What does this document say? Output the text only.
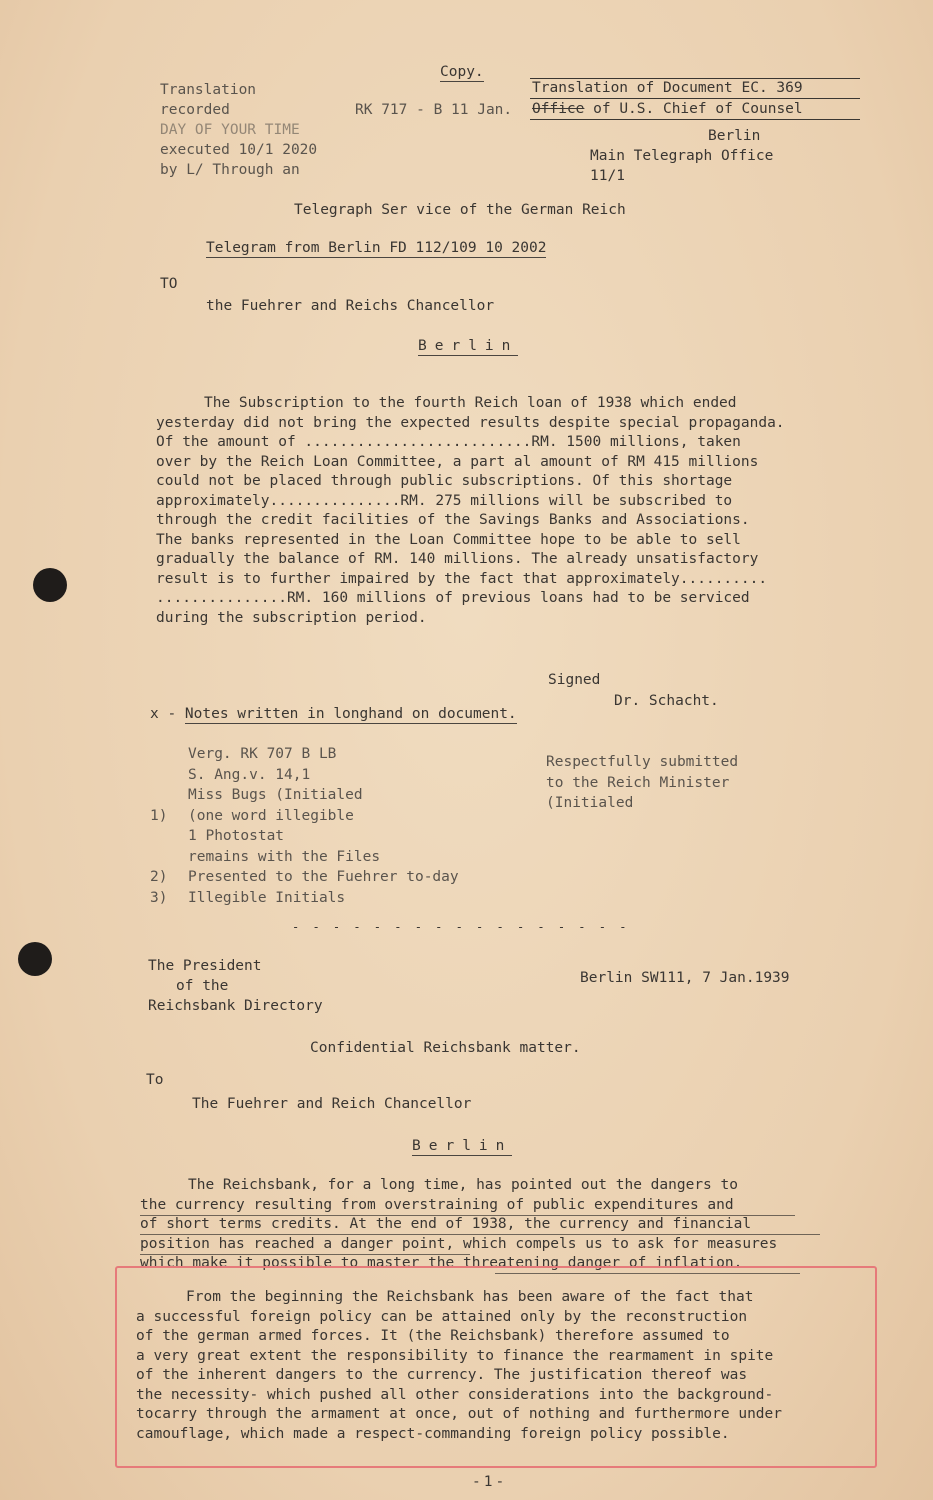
Copy.
Translation
recorded
DAY OF YOUR TIME
executed 10/1 2020
by L/ Through an
RK 717 - B 11 Jan.
Translation of Document EC. 369
Office of U.S. Chief of Counsel
Berlin
Main Telegraph Office
11/1
Telegraph Ser vice of the German Reich
Telegram from Berlin FD 112/109 10 2002
TO
the Fuehrer and Reichs Chancellor
Berlin

The Subscription to the fourth Reich loan of 1938 which ended

yesterday did not bring the expected results despite special propaganda.

Of the amount of ..........................RM. 1500 millions, taken

over by the Reich Loan Committee, a part al amount of RM 415 millions

could not be placed through public subscriptions. Of this shortage

approximately...............RM. 275 millions will be subscribed to

through the credit facilities of the Savings Banks and Associations.

The banks represented in the Loan Committee hope to be able to sell

gradually the balance of RM. 140 millions. The already unsatisfactory

result is to further impaired by the fact that approximately..........

...............RM. 160 millions of previous loans had to be serviced

during the subscription period.

Signed
Dr. Schacht.
x - Notes written in longhand on document.
Verg. RK 707 B LB
S. Ang.v. 14,1
Miss Bugs (Initialed
1) (one word illegible
1 Photostat
remains with the Files
2) Presented to the Fuehrer to-day
3) Illegible Initials
Respectfully submitted
to the Reich Minister
(Initialed
- - - - - - - - - - - - - - - - -
The President
of the
Reichsbank Directory
Berlin SW111, 7 Jan.1939
Confidential Reichsbank matter.
To
The Fuehrer and Reich Chancellor
Berlin

The Reichsbank, for a long time, has pointed out the dangers to

the currency resulting from overstraining of public expenditures and

of short terms credits. At the end of 1938, the currency and financial

position has reached a danger point, which compels us to ask for measures

which make it possible to master the threatening danger of inflation.

From the beginning the Reichsbank has been aware of the fact that

a successful foreign policy can be attained only by the reconstruction

of the german armed forces. It (the Reichsbank) therefore assumed to

a very great extent the responsibility to finance the rearmament in spite

of the inherent dangers to the currency. The justification thereof was

the necessity- which pushed all other considerations into the background-

tocarry through the armament at once, out of nothing and furthermore under

camouflage, which made a respect-commanding foreign policy possible.

-1-
